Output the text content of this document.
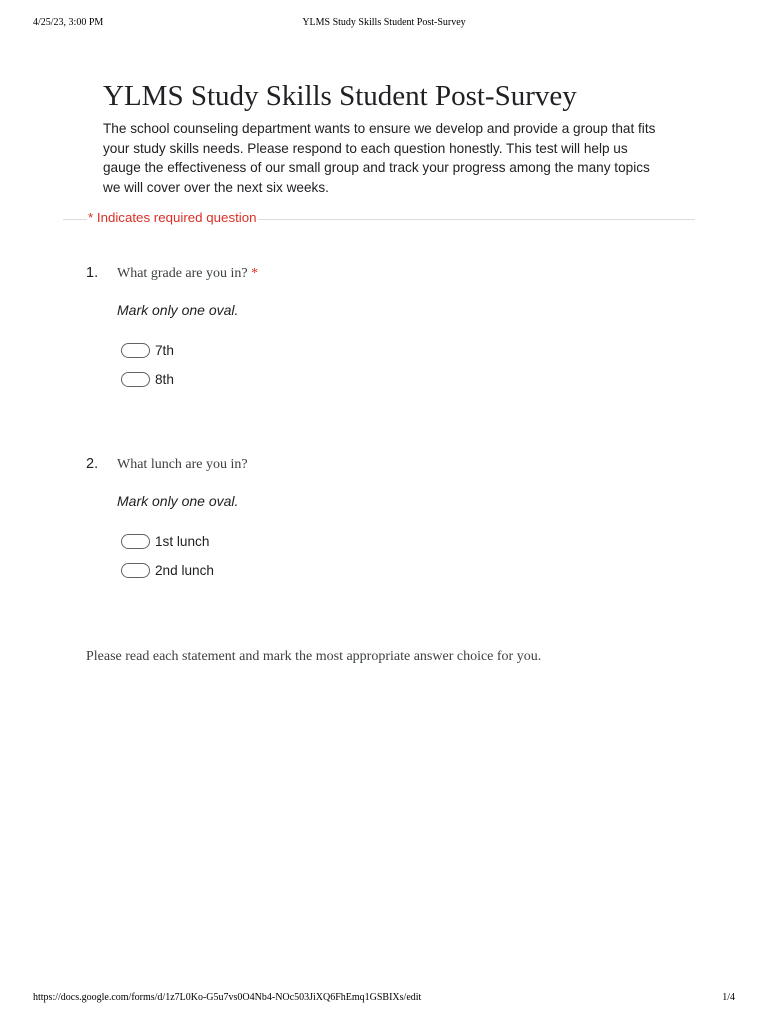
4/25/23, 3:00 PM	YLMS Study Skills Student Post-Survey
YLMS Study Skills Student Post-Survey
The school counseling department wants to ensure we develop and provide a group that fits
your study skills needs. Please respond to each question honestly. This test will help us
gauge the effectiveness of our small group and track your progress among the many topics
we will cover over the next six weeks.
* Indicates required question
1. What grade are you in? *
Mark only one oval.
7th
8th
2. What lunch are you in?
Mark only one oval.
1st lunch
2nd lunch
Please read each statement and mark the most appropriate answer choice for you.
https://docs.google.com/forms/d/1z7L0Ko-G5u7vs0O4Nb4-NOc503JiXQ6FhEmq1GSBIXs/edit	1/4
